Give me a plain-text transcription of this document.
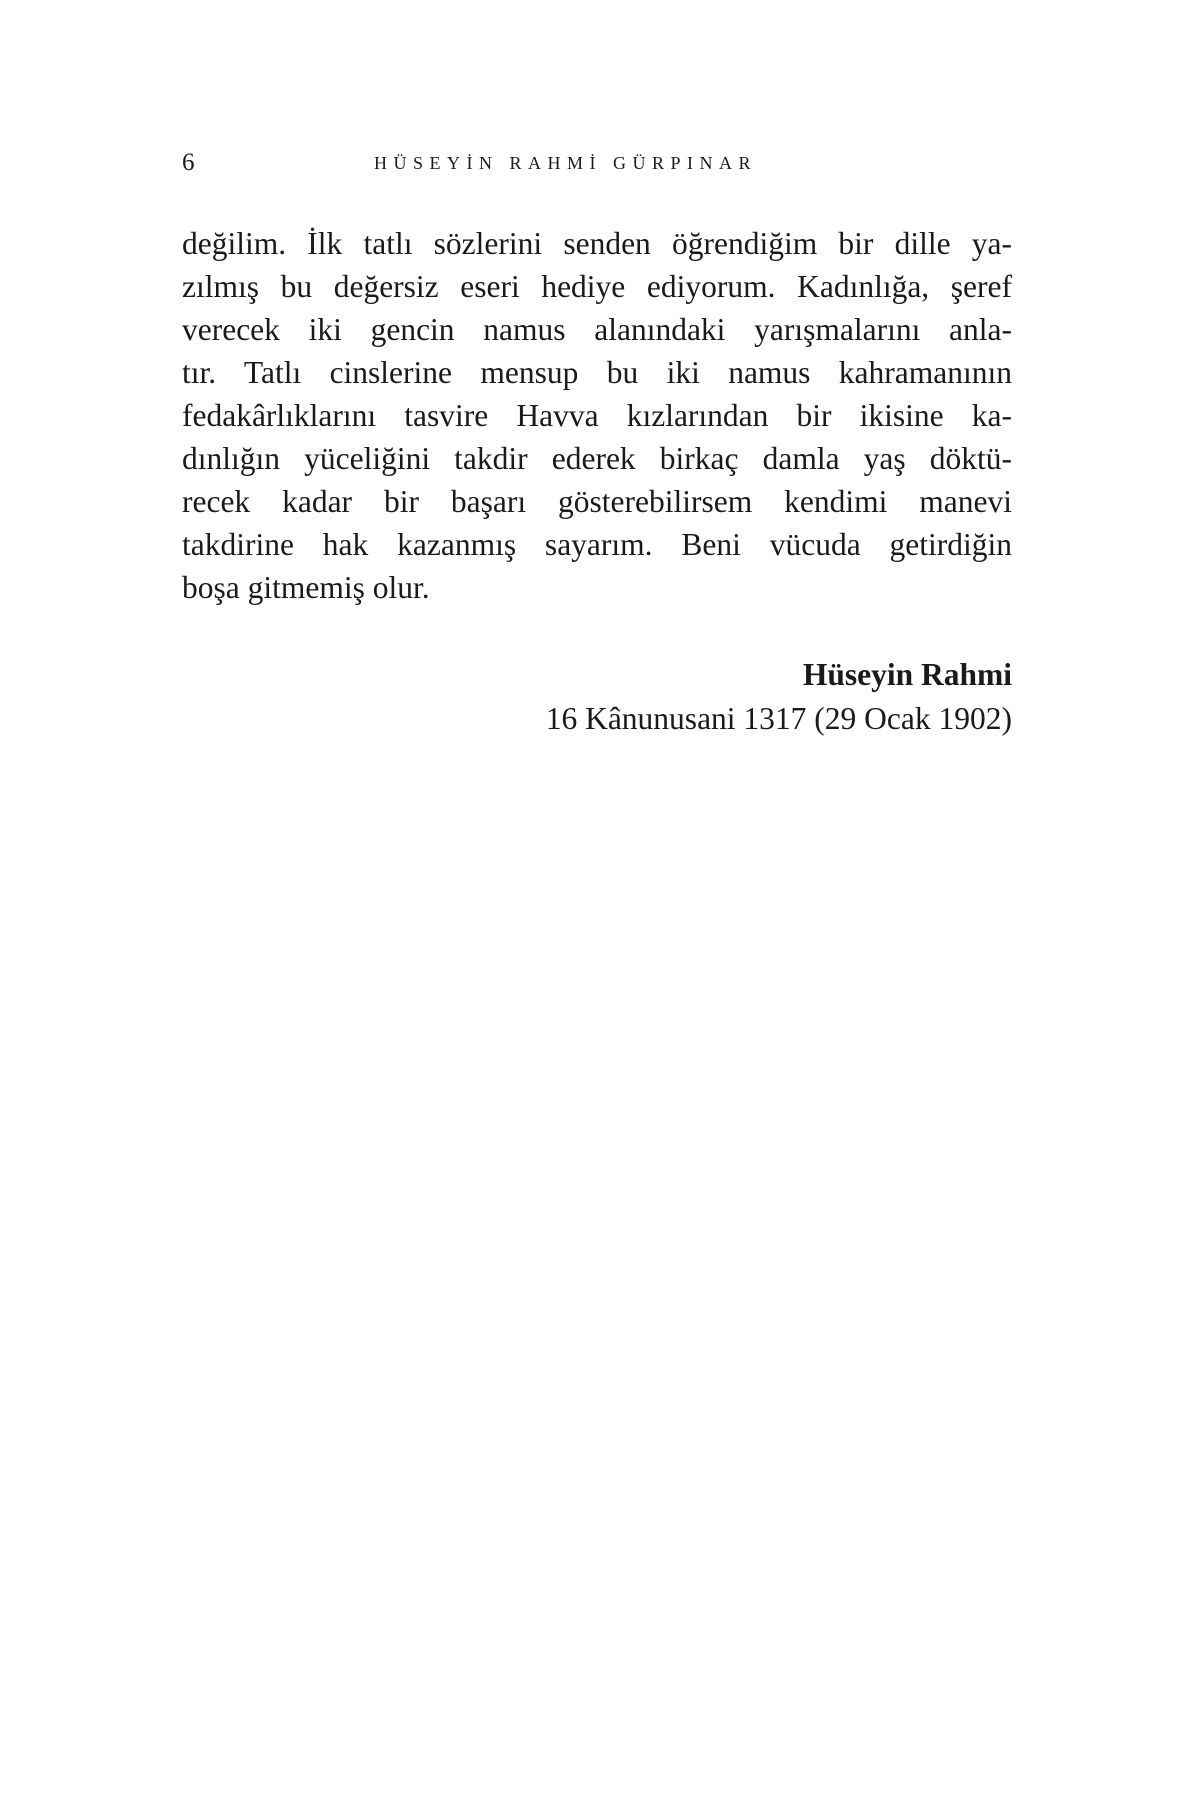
6	HÜSEYİN RAHMİ GÜRPINAR
değilim. İlk tatlı sözlerini senden öğrendiğim bir dille ya-
zılmış bu değersiz eseri hediye ediyorum. Kadınlığa, şeref
verecek iki gencin namus alanındaki yarışmalarını anla-
tır. Tatlı cinslerine mensup bu iki namus kahramanının
fedakârlıklarını tasvire Havva kızlarından bir ikisine ka-
dınlığın yüceliğini takdir ederek birkaç damla yaş döktü-
recek kadar bir başarı gösterebilirsem kendimi manevi
takdirine hak kazanmış sayarım. Beni vücuda getirdiğin
boşa gitmemiş olur.
Hüseyin Rahmi
16 Kânunusani 1317 (29 Ocak 1902)
